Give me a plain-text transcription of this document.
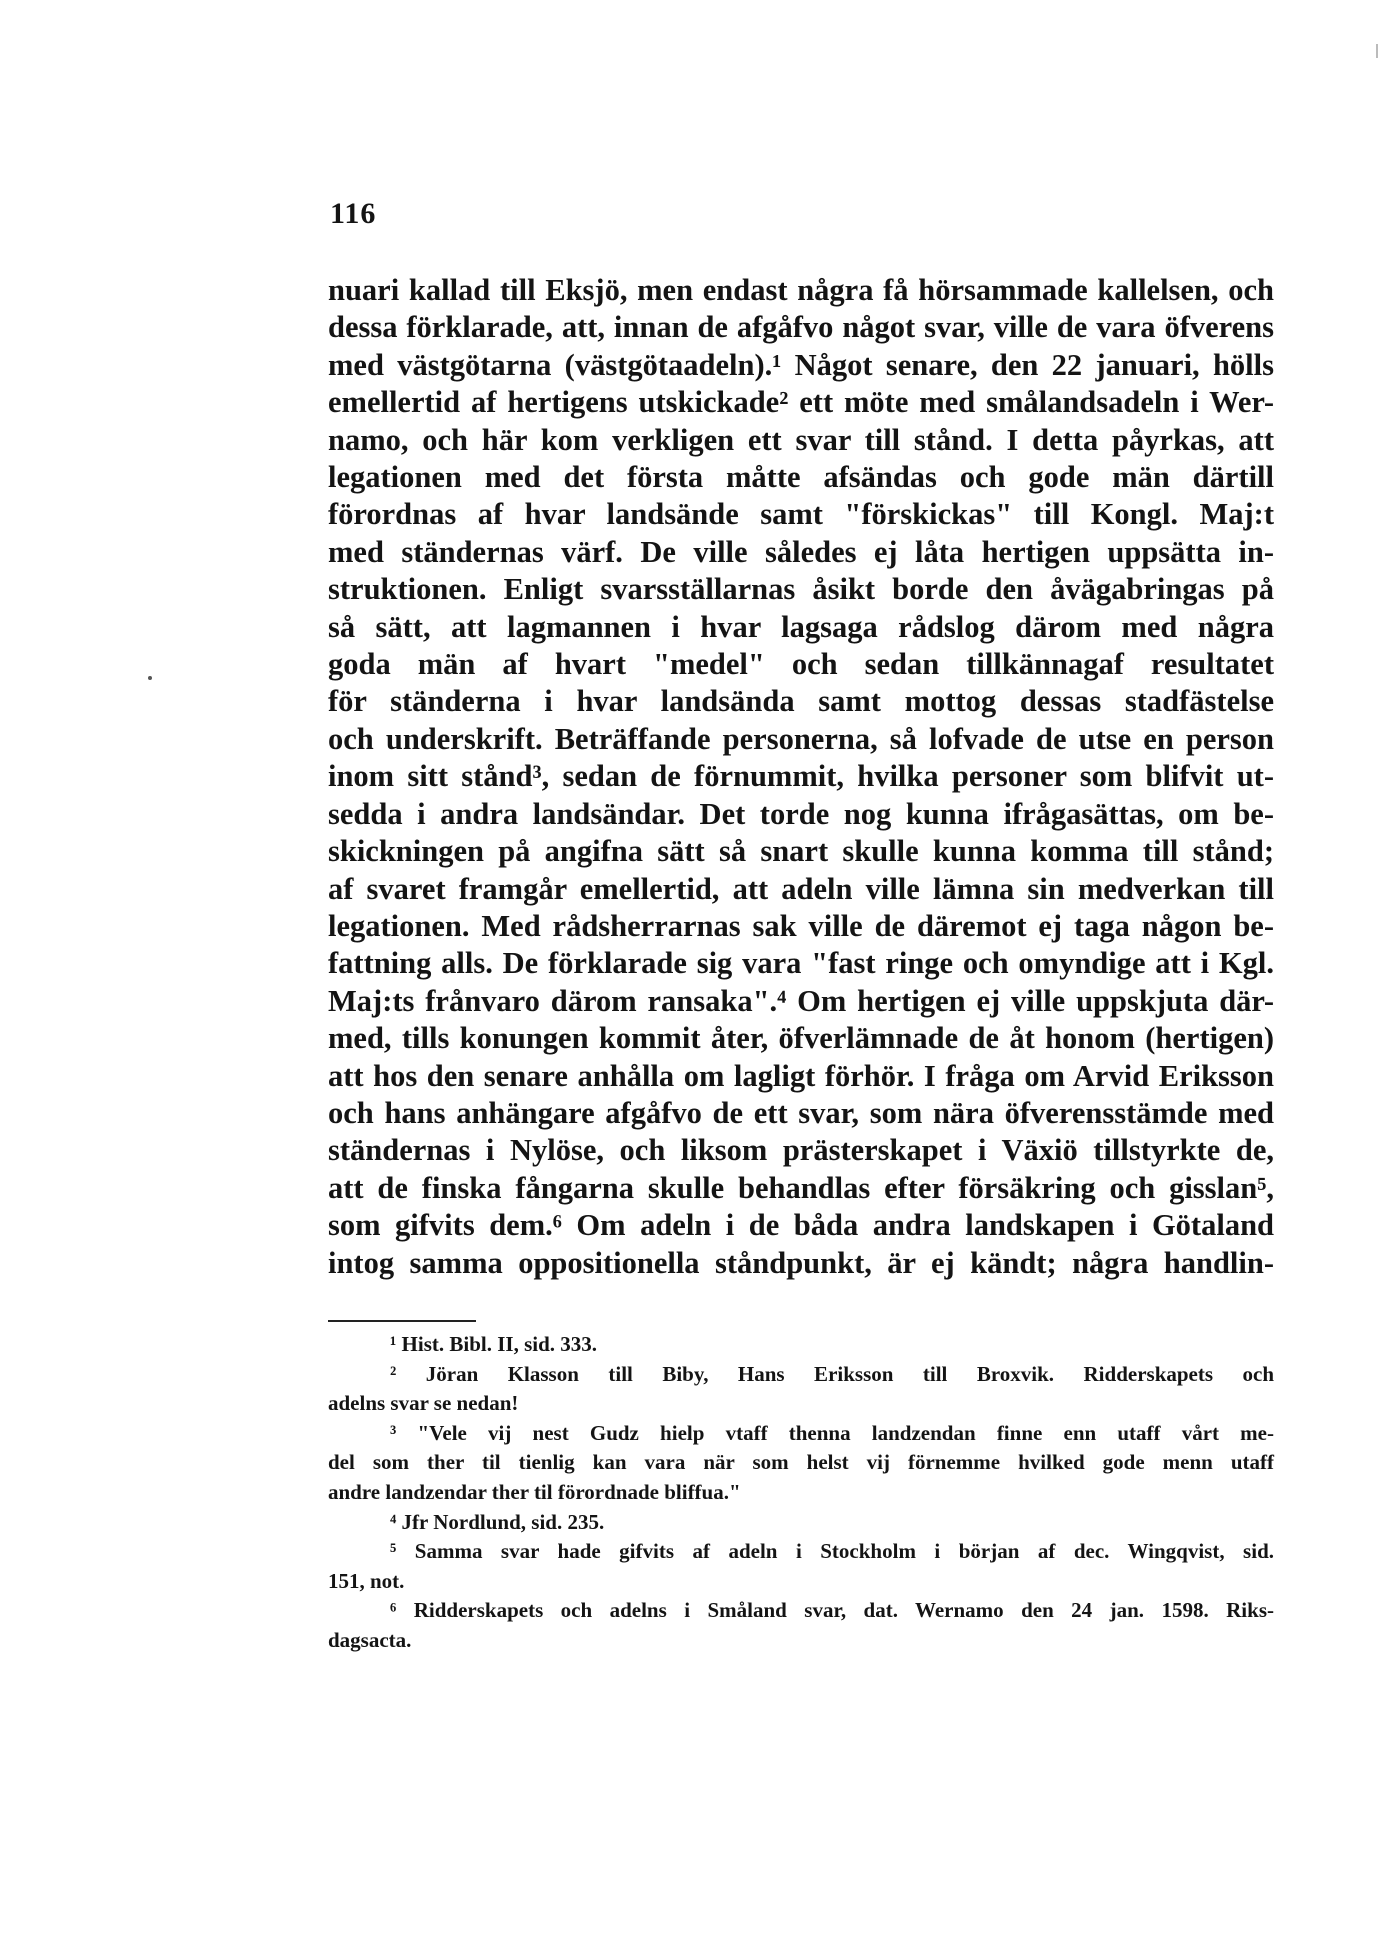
116
nuari kallad till Eksjö, men endast några få hörsammade kallelsen, och
dessa förklarade, att, innan de afgåfvo något svar, ville de vara öfverens
med västgötarna (västgötaadeln).¹ Något senare, den 22 januari, hölls
emellertid af hertigens utskickade² ett möte med smålandsadeln i Wer-
namo, och här kom verkligen ett svar till stånd. I detta påyrkas, att
legationen med det första måtte afsändas och gode män därtill
förordnas af hvar landsände samt "förskickas" till Kongl. Maj:t
med ständernas värf. De ville således ej låta hertigen uppsätta in-
struktionen. Enligt svarsställarnas åsikt borde den åvägabringas på
så sätt, att lagmannen i hvar lagsaga rådslog därom med några
goda män af hvart "medel" och sedan tillkännagaf resultatet
för ständerna i hvar landsända samt mottog dessas stadfästelse
och underskrift. Beträffande personerna, så lofvade de utse en person
inom sitt stånd³, sedan de förnummit, hvilka personer som blifvit ut-
sedda i andra landsändar. Det torde nog kunna ifrågasättas, om be-
skickningen på angifna sätt så snart skulle kunna komma till stånd;
af svaret framgår emellertid, att adeln ville lämna sin medverkan till
legationen. Med rådsherrarnas sak ville de däremot ej taga någon be-
fattning alls. De förklarade sig vara "fast ringe och omyndige att i Kgl.
Maj:ts frånvaro därom ransaka".⁴ Om hertigen ej ville uppskjuta där-
med, tills konungen kommit åter, öfverlämnade de åt honom (hertigen)
att hos den senare anhålla om lagligt förhör. I fråga om Arvid Eriksson
och hans anhängare afgåfvo de ett svar, som nära öfverensstämde med
ständernas i Nylöse, och liksom prästerskapet i Växiö tillstyrkte de,
att de finska fångarna skulle behandlas efter försäkring och gisslan⁵,
som gifvits dem.⁶ Om adeln i de båda andra landskapen i Götaland
intog samma oppositionella ståndpunkt, är ej kändt; några handlin-
¹ Hist. Bibl. II, sid. 333.
² Jöran Klasson till Biby, Hans Eriksson till Broxvik. Ridderskapets och
adelns svar se nedan!
³ "Vele vij nest Gudz hielp vtaff thenna landzendan finne enn utaff vårt me-
del som ther til tienlig kan vara när som helst vij förnemme hvilked gode menn utaff
andre landzendar ther til förordnade bliffua."
⁴ Jfr Nordlund, sid. 235.
⁵ Samma svar hade gifvits af adeln i Stockholm i början af dec. Wingqvist, sid.
151, not.
⁶ Ridderskapets och adelns i Småland svar, dat. Wernamo den 24 jan. 1598. Riks-
dagsacta.
